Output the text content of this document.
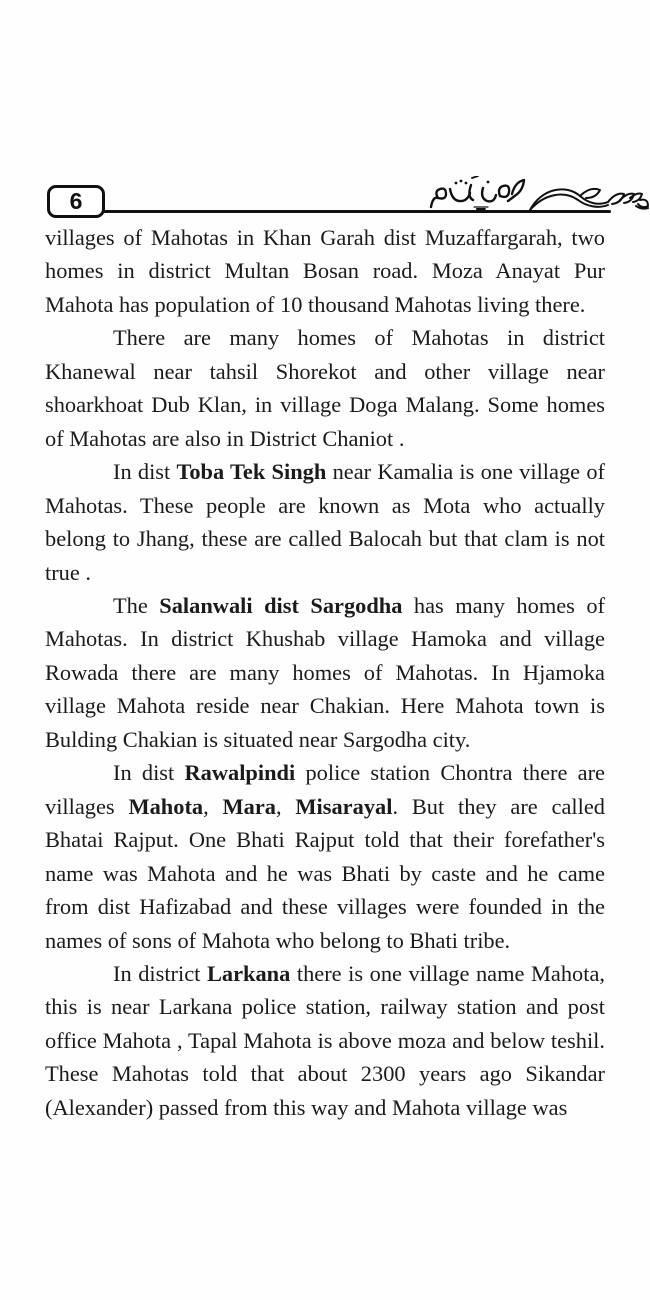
6

villages of Mahotas in Khan Garah dist Muzaffargarah, two homes in district Multan Bosan road. Moza Anayat Pur Mahota has population of 10 thousand Mahotas living there.

There are many homes of Mahotas in district Khanewal near tahsil Shorekot and other village near shoarkhoat Dub Klan, in village Doga Malang. Some homes of Mahotas are also in District Chaniot .

In dist Toba Tek Singh near Kamalia is one village of Mahotas. These people are known as Mota who actually belong to Jhang, these are called Balocah but that clam is not true .

The Salanwali dist Sargodha has many homes of Mahotas. In district Khushab village Hamoka and village Rowada there are many homes of Mahotas. In Hjamoka village Mahota reside near Chakian. Here Mahota town is Bulding Chakian is situated near Sargodha city.

In dist Rawalpindi police station Chontra there are villages Mahota, Mara, Misarayal. But they are called Bhatai Rajput. One Bhati Rajput told that their forefather's name was Mahota and he was Bhati by caste and he came from dist Hafizabad and these villages were founded in the names of sons of Mahota who belong to Bhati tribe.

In district Larkana there is one village name Mahota, this is near Larkana police station, railway station and post office Mahota , Tapal Mahota is above moza and below teshil. These Mahotas told that about 2300 years ago Sikandar (Alexander) passed from this way and Mahota village was
